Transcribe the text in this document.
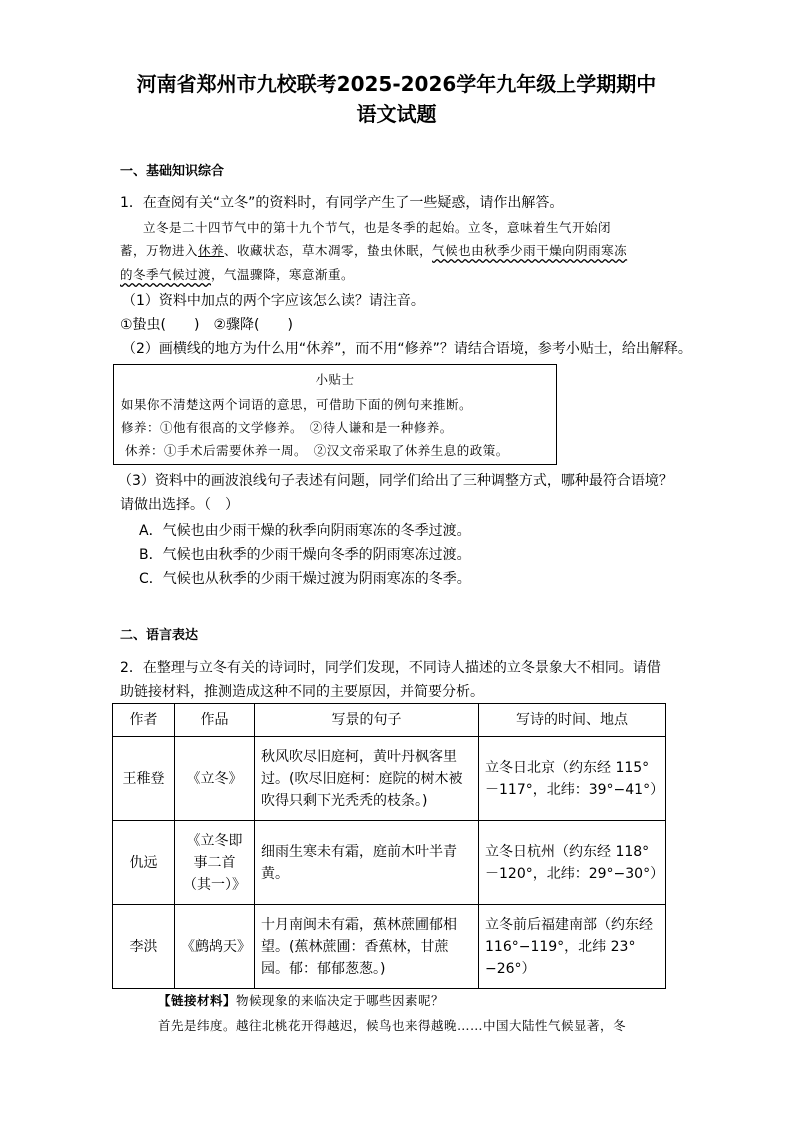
河南省郑州市九校联考2025-2026学年九年级上学期期中
语文试题
一、基础知识综合
1．在查阅有关“立冬”的资料时，有同学产生了一些疑惑，请作出解答。
立冬是二十四节气中的第十九个节气，也是冬季的起始。立冬，意味着生气开始闭
蓄，万物进入休养、收藏状态，草木凋零，蛰虫休眠，气候也由秋季少雨干燥向阴雨寒冻
的冬季气候过渡，气温骤降，寒意渐重。
（1）资料中加点的两个字应该怎么读？请注音。
①蛰虫(　　)　②骤降(　　)
（2）画横线的地方为什么用“休养”，而不用“修养”？请结合语境，参考小贴士，给出解释。
小贴士
如果你不清楚这两个词语的意思，可借助下面的例句来推断。
修养：①他有很高的文学修养。　②待人谦和是一种修养。
休养：①手术后需要休养一周。　②汉文帝采取了休养生息的政策。
（3）资料中的画波浪线句子表述有问题，同学们给出了三种调整方式，哪种最符合语境？
请做出选择。（　）
A．气候也由少雨干燥的秋季向阴雨寒冻的冬季过渡。
B．气候也由秋季的少雨干燥向冬季的阴雨寒冻过渡。
C．气候也从秋季的少雨干燥过渡为阴雨寒冻的冬季。
二、语言表达
2．在整理与立冬有关的诗词时，同学们发现，不同诗人描述的立冬景象大不相同。请借
助链接材料，推测造成这种不同的主要原因，并简要分析。
作者	作品	写景的句子	写诗的时间、地点
王稚登	《立冬》	秋风吹尽旧庭柯，黄叶丹枫客里过。(吹尽旧庭柯：庭院的树木被吹得只剩下光秃秃的枝条。)	立冬日北京（约东经 115°－117°，北纬：39°−41°）
仇远	《立冬即事二首（其一）》	细雨生寒未有霜，庭前木叶半青黄。	立冬日杭州（约东经 118°－120°，北纬：29°−30°）
李洪	《鹧鸪天》	十月南闽未有霜，蕉林蔗圃郁相望。(蕉林蔗圃：香蕉林，甘蔗园。郁：郁郁葱葱。)	立冬前后福建南部（约东经 116°−119°，北纬 23°−26°）
【链接材料】物候现象的来临决定于哪些因素呢？
首先是纬度。越往北桃花开得越迟，候鸟也来得越晚……中国大陆性气候显著，冬
